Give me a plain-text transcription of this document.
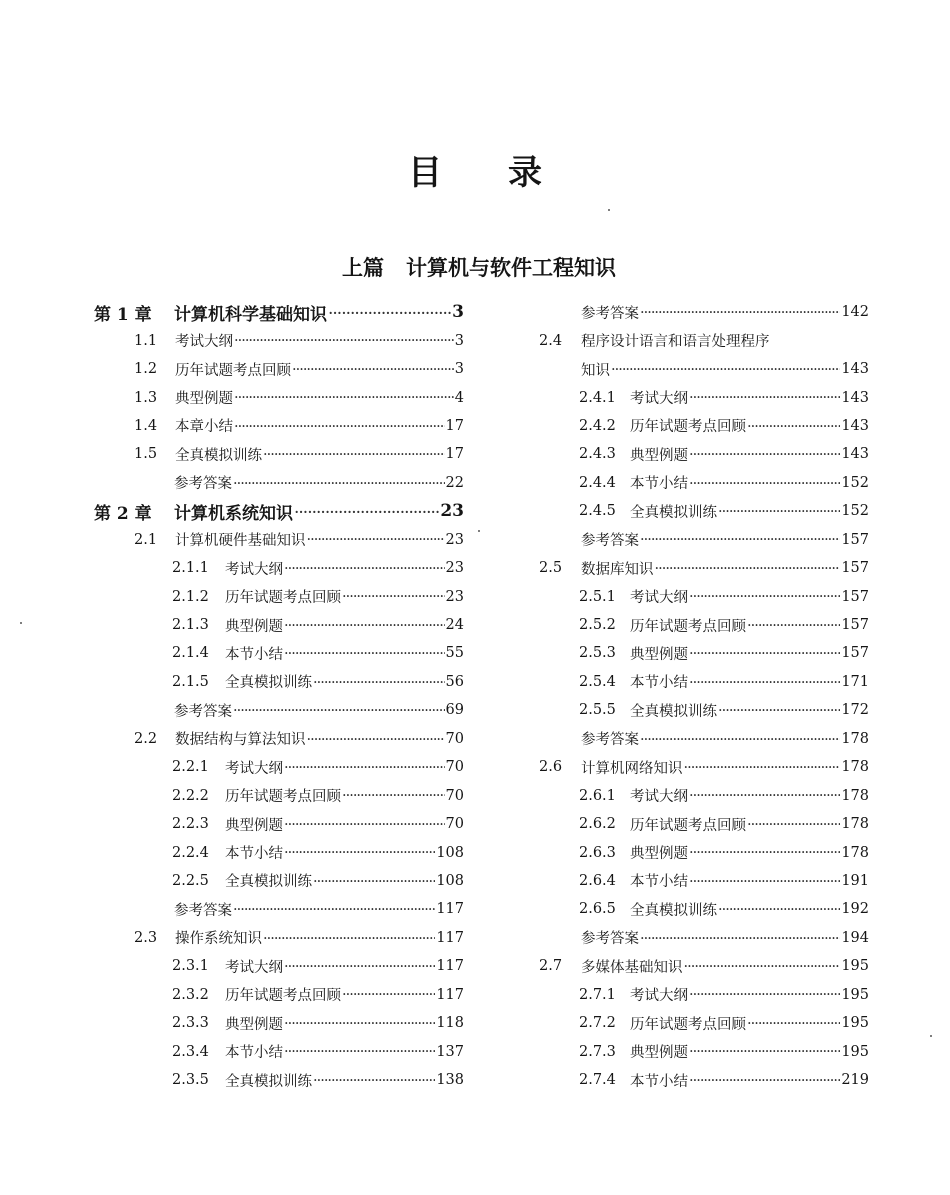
目 录
上篇 计算机与软件工程知识
第 1 章	计算机科学基础知识 ·····	3
1.1	考试大纲 ·····	3
1.2	历年试题考点回顾 ·····	3
1.3	典型例题 ·····	4
1.4	本章小结 ·····	17
1.5	全真模拟训练 ·····	17
参考答案 ·····	22
第 2 章	计算机系统知识 ·····	23
2.1	计算机硬件基础知识 ·····	23
2.1.1	考试大纲 ·····	23
2.1.2	历年试题考点回顾 ·····	23
2.1.3	典型例题 ·····	24
2.1.4	本节小结 ·····	55
2.1.5	全真模拟训练 ·····	56
参考答案 ·····	69
2.2	数据结构与算法知识 ·····	70
2.2.1	考试大纲 ·····	70
2.2.2	历年试题考点回顾 ·····	70
2.2.3	典型例题 ·····	70
2.2.4	本节小结 ·····	108
2.2.5	全真模拟训练 ·····	108
参考答案 ·····	117
2.3	操作系统知识 ·····	117
2.3.1	考试大纲 ·····	117
2.3.2	历年试题考点回顾 ·····	117
2.3.3	典型例题 ·····	118
2.3.4	本节小结 ·····	137
2.3.5	全真模拟训练 ·····	138
参考答案 ·····	142
2.4	程序设计语言和语言处理程序
知识 ·····	143
2.4.1 考试大纲 ·····	143
2.4.2 历年试题考点回顾 ·····	143
2.4.3 典型例题 ·····	143
2.4.4 本节小结 ·····	152
2.4.5 全真模拟训练 ·····	152
参考答案 ·····	157
2.5	数据库知识 ·····	157
2.5.1 考试大纲 ·····	157
2.5.2 历年试题考点回顾 ·····	157
2.5.3 典型例题 ·····	157
2.5.4 本节小结 ·····	171
2.5.5 全真模拟训练 ·····	172
参考答案 ·····	178
2.6	计算机网络知识 ·····	178
2.6.1 考试大纲 ·····	178
2.6.2 历年试题考点回顾 ·····	178
2.6.3 典型例题 ·····	178
2.6.4 本节小结 ·····	191
2.6.5 全真模拟训练 ·····	192
参考答案 ·····	194
2.7	多媒体基础知识 ·····	195
2.7.1 考试大纲 ·····	195
2.7.2 历年试题考点回顾 ·····	195
2.7.3 典型例题 ·····	195
2.7.4 本节小结 ·····	219
